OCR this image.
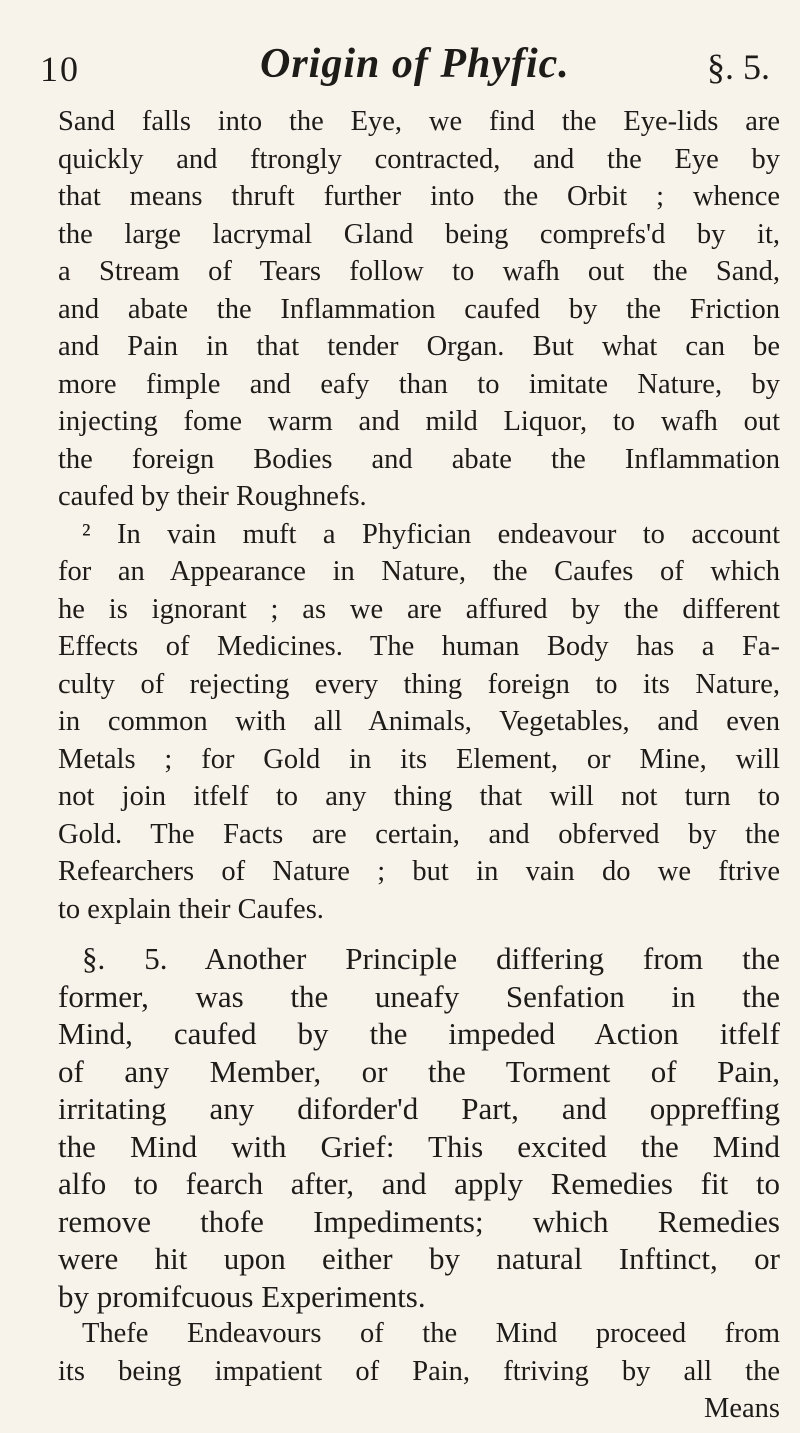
10	Origin of Phyfic.	§. 5.
Sand falls into the Eye, we find the Eye-lids are
quickly and ftrongly contracted, and the Eye by
that means thruft further into the Orbit ; whence
the large lacrymal Gland being comprefs'd by it,
a Stream of Tears follow to wafh out the Sand,
and abate the Inflammation caufed by the Friction
and Pain in that tender Organ. But what can be
more fimple and eafy than to imitate Nature, by
injecting fome warm and mild Liquor, to wafh out
the foreign Bodies and abate the Inflammation
caufed by their Roughnefs.
² In vain muft a Phyfician endeavour to account
for an Appearance in Nature, the Caufes of which
he is ignorant ; as we are affured by the different
Effects of Medicines. The human Body has a Fa-
culty of rejecting every thing foreign to its Nature,
in common with all Animals, Vegetables, and even
Metals ; for Gold in its Element, or Mine, will
not join itfelf to any thing that will not turn to
Gold. The Facts are certain, and obferved by the
Refearchers of Nature ; but in vain do we ftrive
to explain their Caufes.
§. 5. Another Principle differing from the
former, was the uneafy Senfation in the
Mind, caufed by the impeded Action itfelf
of any Member, or the Torment of Pain,
irritating any diforder'd Part, and oppreffing
the Mind with Grief: This excited the Mind
alfo to fearch after, and apply Remedies fit to
remove thofe Impediments; which Remedies
were hit upon either by natural Inftinct, or
by promifcuous Experiments.
Thefe Endeavours of the Mind proceed from
its being impatient of Pain, ftriving by all the
Means
